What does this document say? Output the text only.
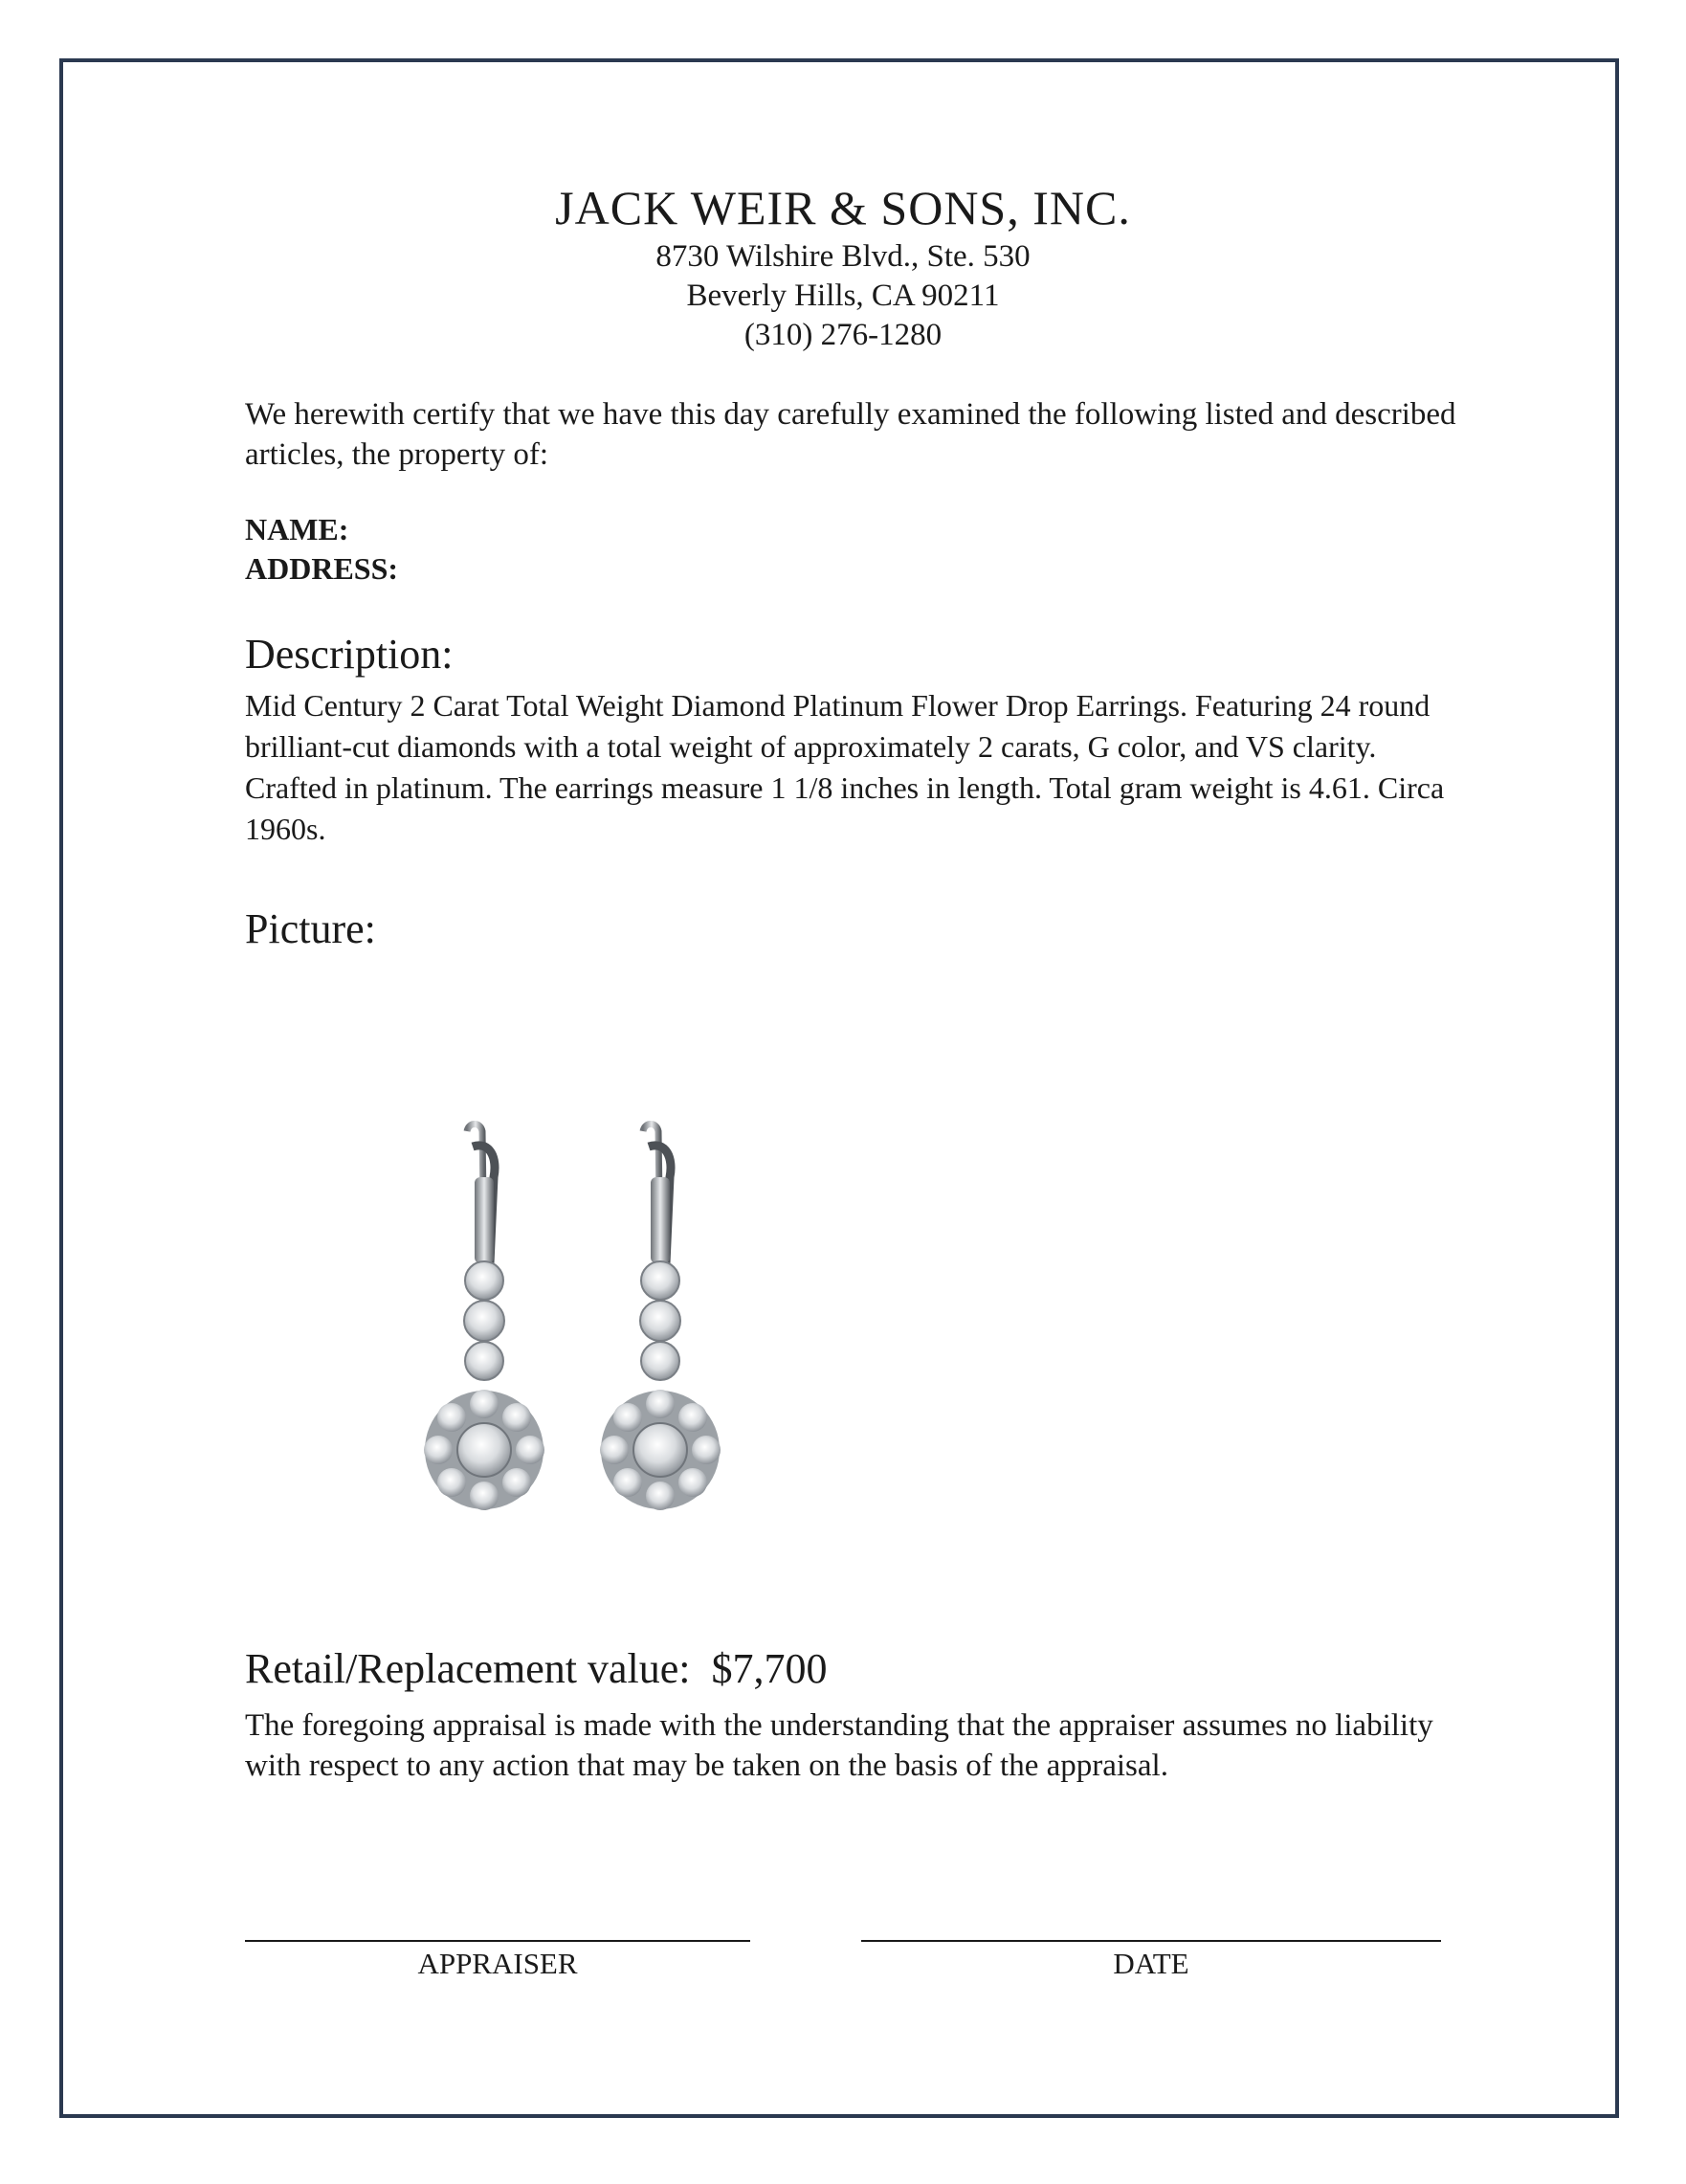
JACK WEIR & SONS, INC.
8730 Wilshire Blvd., Ste. 530
Beverly Hills, CA 90211
(310) 276-1280
We herewith certify that we have this day carefully examined the following listed and described articles, the property of:
NAME:
ADDRESS:
Description:
Mid Century 2 Carat Total Weight Diamond Platinum Flower Drop Earrings. Featuring 24 round brilliant-cut diamonds with a total weight of approximately 2 carats, G color, and VS clarity. Crafted in platinum. The earrings measure 1 1/8 inches in length. Total gram weight is 4.61. Circa 1960s.
Picture:
Retail/Replacement value: $7,700
The foregoing appraisal is made with the understanding that the appraiser assumes no liability with respect to any action that may be taken on the basis of the appraisal.
APPRAISER	DATE
